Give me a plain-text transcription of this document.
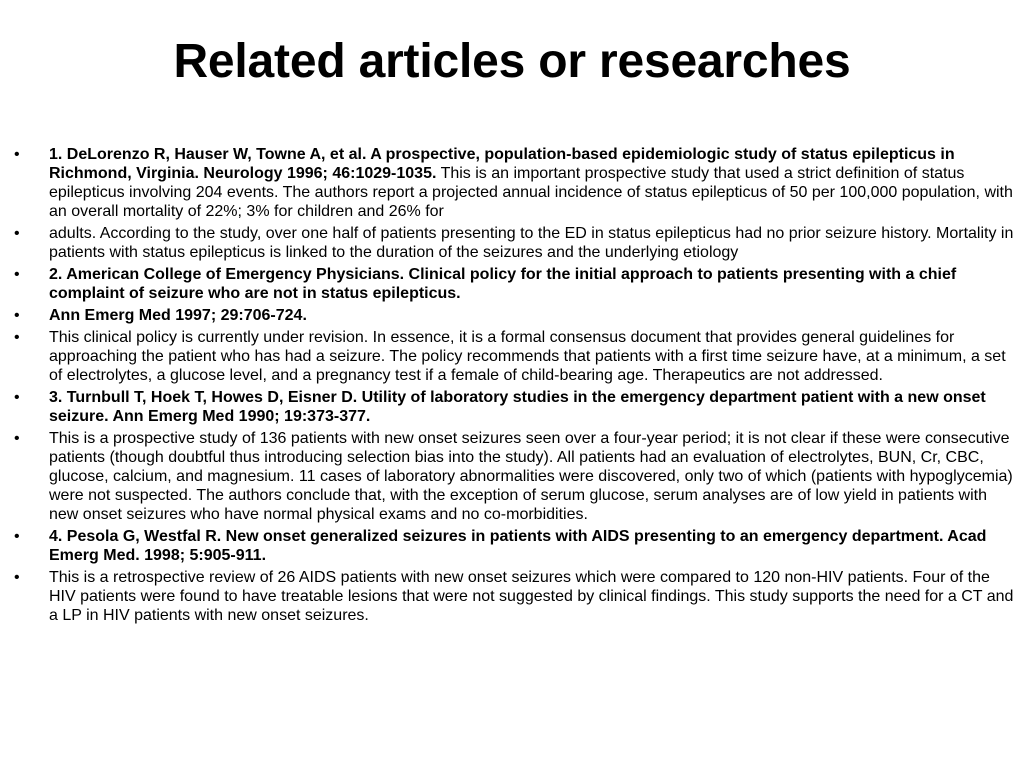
Related articles or researches
• 1. DeLorenzo R, Hauser W, Towne A, et al. A prospective, population-based epidemiologic study of status epilepticus in Richmond, Virginia. Neurology 1996; 46:1029-1035. This is an important prospective study that used a strict definition of status epilepticus involving 204 events. The authors report a projected annual incidence of status epilepticus of 50 per 100,000 population, with an overall mortality of 22%; 3% for children and 26% for
• adults. According to the study, over one half of patients presenting to the ED in status epilepticus had no prior seizure history. Mortality in patients with status epilepticus is linked to the duration of the seizures and the underlying etiology
• 2. American College of Emergency Physicians. Clinical policy for the initial approach to patients presenting with a chief complaint of seizure who are not in status epilepticus.
• Ann Emerg Med 1997; 29:706-724.
• This clinical policy is currently under revision. In essence, it is a formal consensus document that provides general guidelines for approaching the patient who has had a seizure. The policy recommends that patients with a first time seizure have, at a minimum, a set of electrolytes, a glucose level, and a pregnancy test if a female of child-bearing age. Therapeutics are not addressed.
• 3. Turnbull T, Hoek T, Howes D, Eisner D. Utility of laboratory studies in the emergency department patient with a new onset seizure. Ann Emerg Med 1990; 19:373-377.
• This is a prospective study of 136 patients with new onset seizures seen over a four-year period; it is not clear if these were consecutive patients (though doubtful thus introducing selection bias into the study). All patients had an evaluation of electrolytes, BUN, Cr, CBC, glucose, calcium, and magnesium. 11 cases of laboratory abnormalities were discovered, only two of which (patients with hypoglycemia) were not suspected. The authors conclude that, with the exception of serum glucose, serum analyses are of low yield in patients with new onset seizures who have normal physical exams and no co-morbidities.
• 4. Pesola G, Westfal R. New onset generalized seizures in patients with AIDS presenting to an emergency department. Acad Emerg Med. 1998; 5:905-911.
• This is a retrospective review of 26 AIDS patients with new onset seizures which were compared to 120 non-HIV patients. Four of the HIV patients were found to have treatable lesions that were not suggested by clinical findings. This study supports the need for a CT and a LP in HIV patients with new onset seizures.
